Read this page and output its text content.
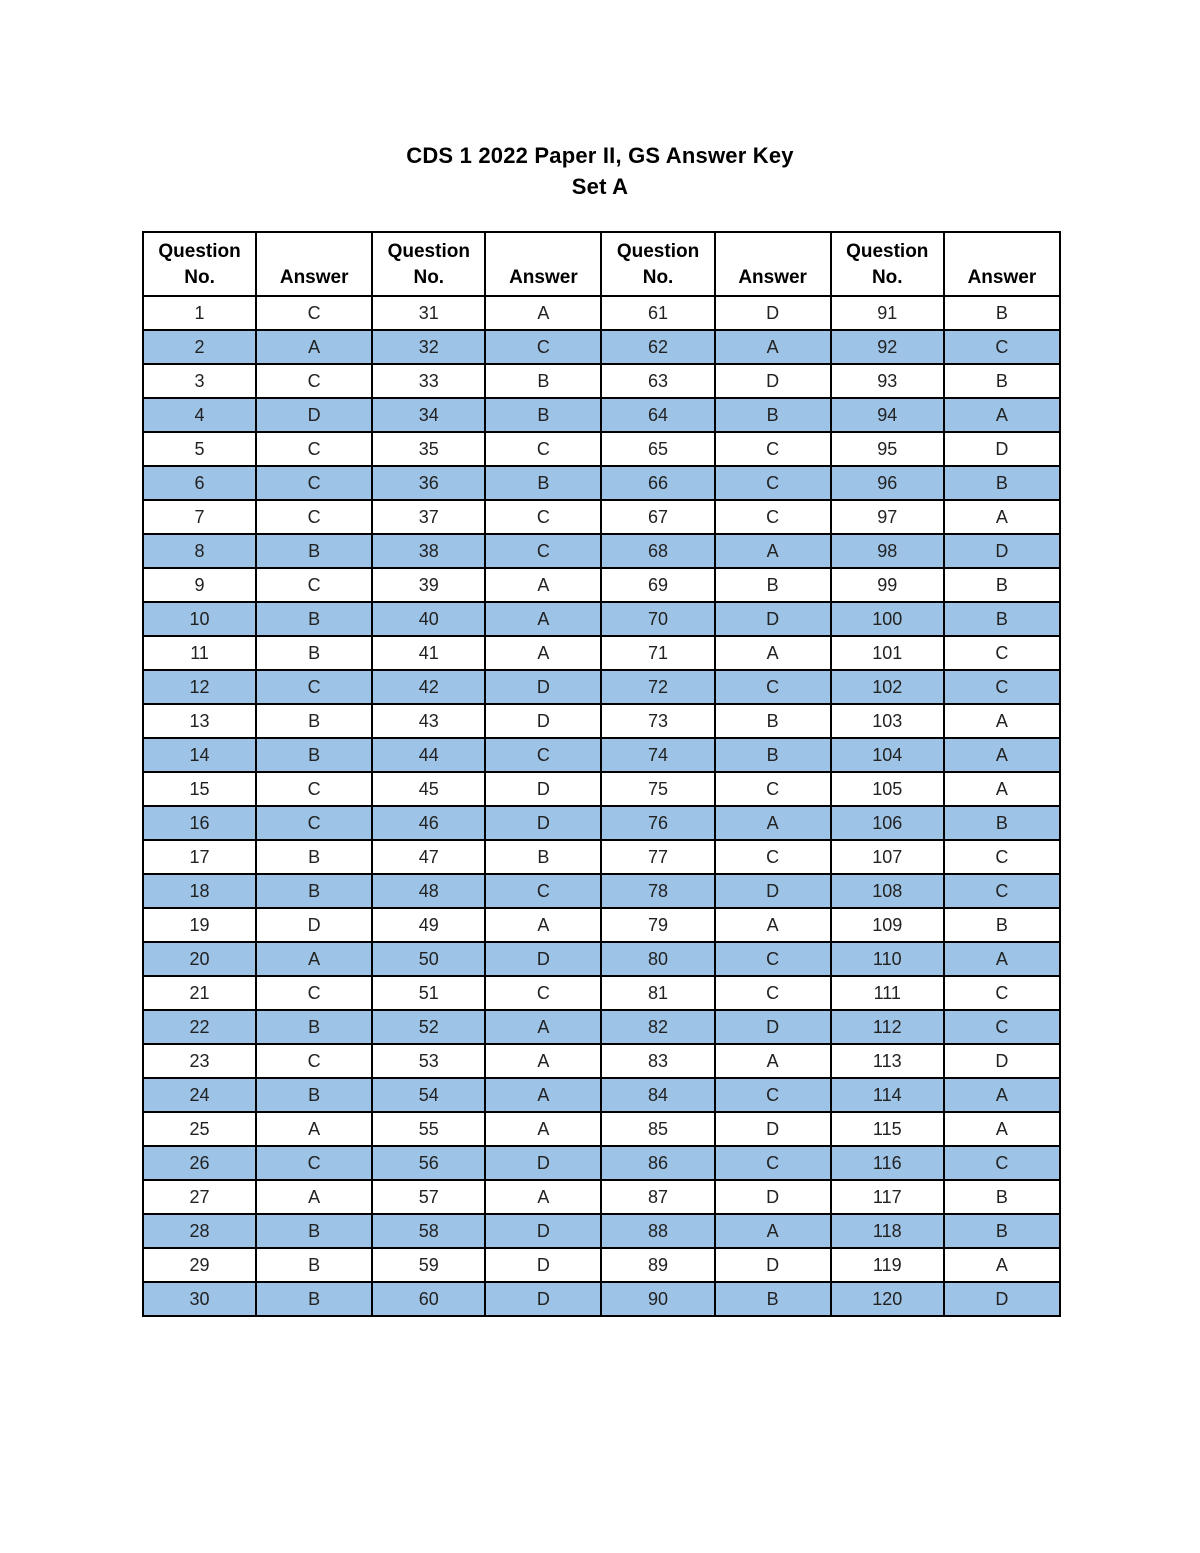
CDS 1 2022 Paper II, GS Answer Key
Set A
Question No.	Answer	Question No.	Answer	Question No.	Answer	Question No.	Answer
1	C	31	A	61	D	91	B
2	A	32	C	62	A	92	C
3	C	33	B	63	D	93	B
4	D	34	B	64	B	94	A
5	C	35	C	65	C	95	D
6	C	36	B	66	C	96	B
7	C	37	C	67	C	97	A
8	B	38	C	68	A	98	D
9	C	39	A	69	B	99	B
10	B	40	A	70	D	100	B
11	B	41	A	71	A	101	C
12	C	42	D	72	C	102	C
13	B	43	D	73	B	103	A
14	B	44	C	74	B	104	A
15	C	45	D	75	C	105	A
16	C	46	D	76	A	106	B
17	B	47	B	77	C	107	C
18	B	48	C	78	D	108	C
19	D	49	A	79	A	109	B
20	A	50	D	80	C	110	A
21	C	51	C	81	C	111	C
22	B	52	A	82	D	112	C
23	C	53	A	83	A	113	D
24	B	54	A	84	C	114	A
25	A	55	A	85	D	115	A
26	C	56	D	86	C	116	C
27	A	57	A	87	D	117	B
28	B	58	D	88	A	118	B
29	B	59	D	89	D	119	A
30	B	60	D	90	B	120	D
